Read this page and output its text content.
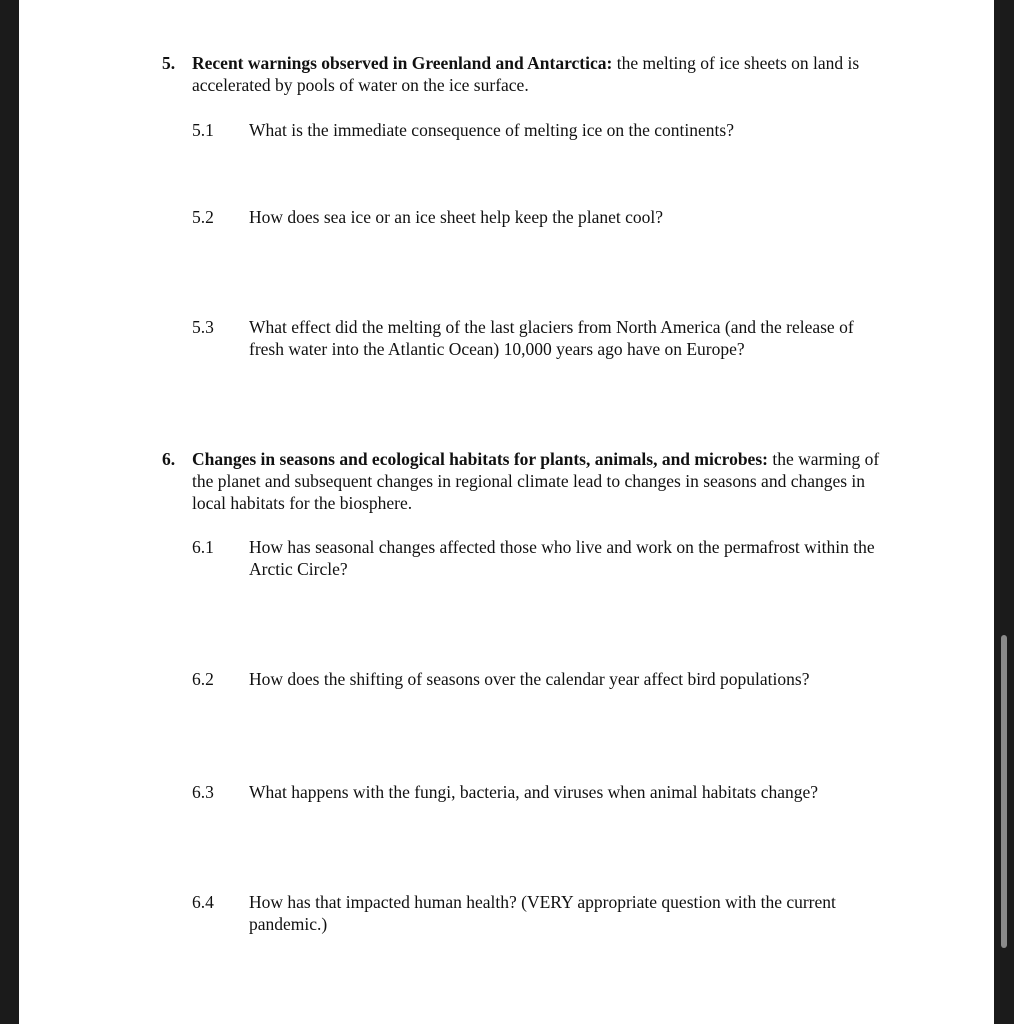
5. Recent warnings observed in Greenland and Antarctica: the melting of ice sheets on land is accelerated by pools of water on the ice surface.
5.1 What is the immediate consequence of melting ice on the continents?
5.2 How does sea ice or an ice sheet help keep the planet cool?
5.3 What effect did the melting of the last glaciers from North America (and the release of fresh water into the Atlantic Ocean) 10,000 years ago have on Europe?
6. Changes in seasons and ecological habitats for plants, animals, and microbes: the warming of the planet and subsequent changes in regional climate lead to changes in seasons and changes in local habitats for the biosphere.
6.1 How has seasonal changes affected those who live and work on the permafrost within the Arctic Circle?
6.2 How does the shifting of seasons over the calendar year affect bird populations?
6.3 What happens with the fungi, bacteria, and viruses when animal habitats change?
6.4 How has that impacted human health? (VERY appropriate question with the current pandemic.)
